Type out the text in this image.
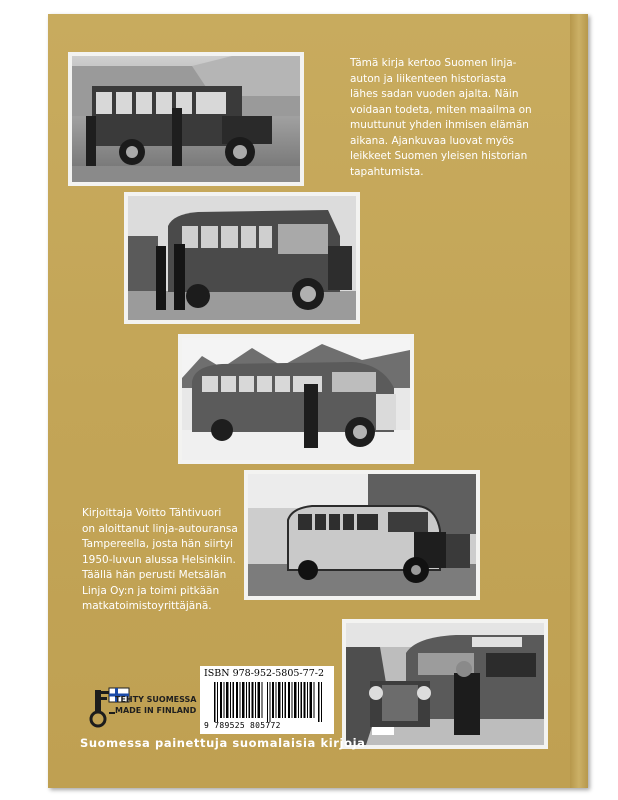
Tämä kirja kertoo Suomen linja-
auton ja liikenteen historiasta
lähes sadan vuoden ajalta. Näin
voidaan todeta, miten maailma on
muuttunut yhden ihmisen elämän
aikana. Ajankuvaa luovat myös
leikkeet Suomen yleisen historian
tapahtumista.
Kirjoittaja Voitto Tähtivuori
on aloittanut linja-autouransa
Tampereella, josta hän siirtyi
1950-luvun alussa Helsinkiin.
Täällä hän perusti Metsälän
Linja Oy:n ja toimi pitkään
matkatoimistoyrittäjänä.
TEHTY SUOMESSA
MADE IN FINLAND
ISBN 978-952-5805-77-2
9 789525 805772
Suomessa painettuja suomalaisia kirjoja
